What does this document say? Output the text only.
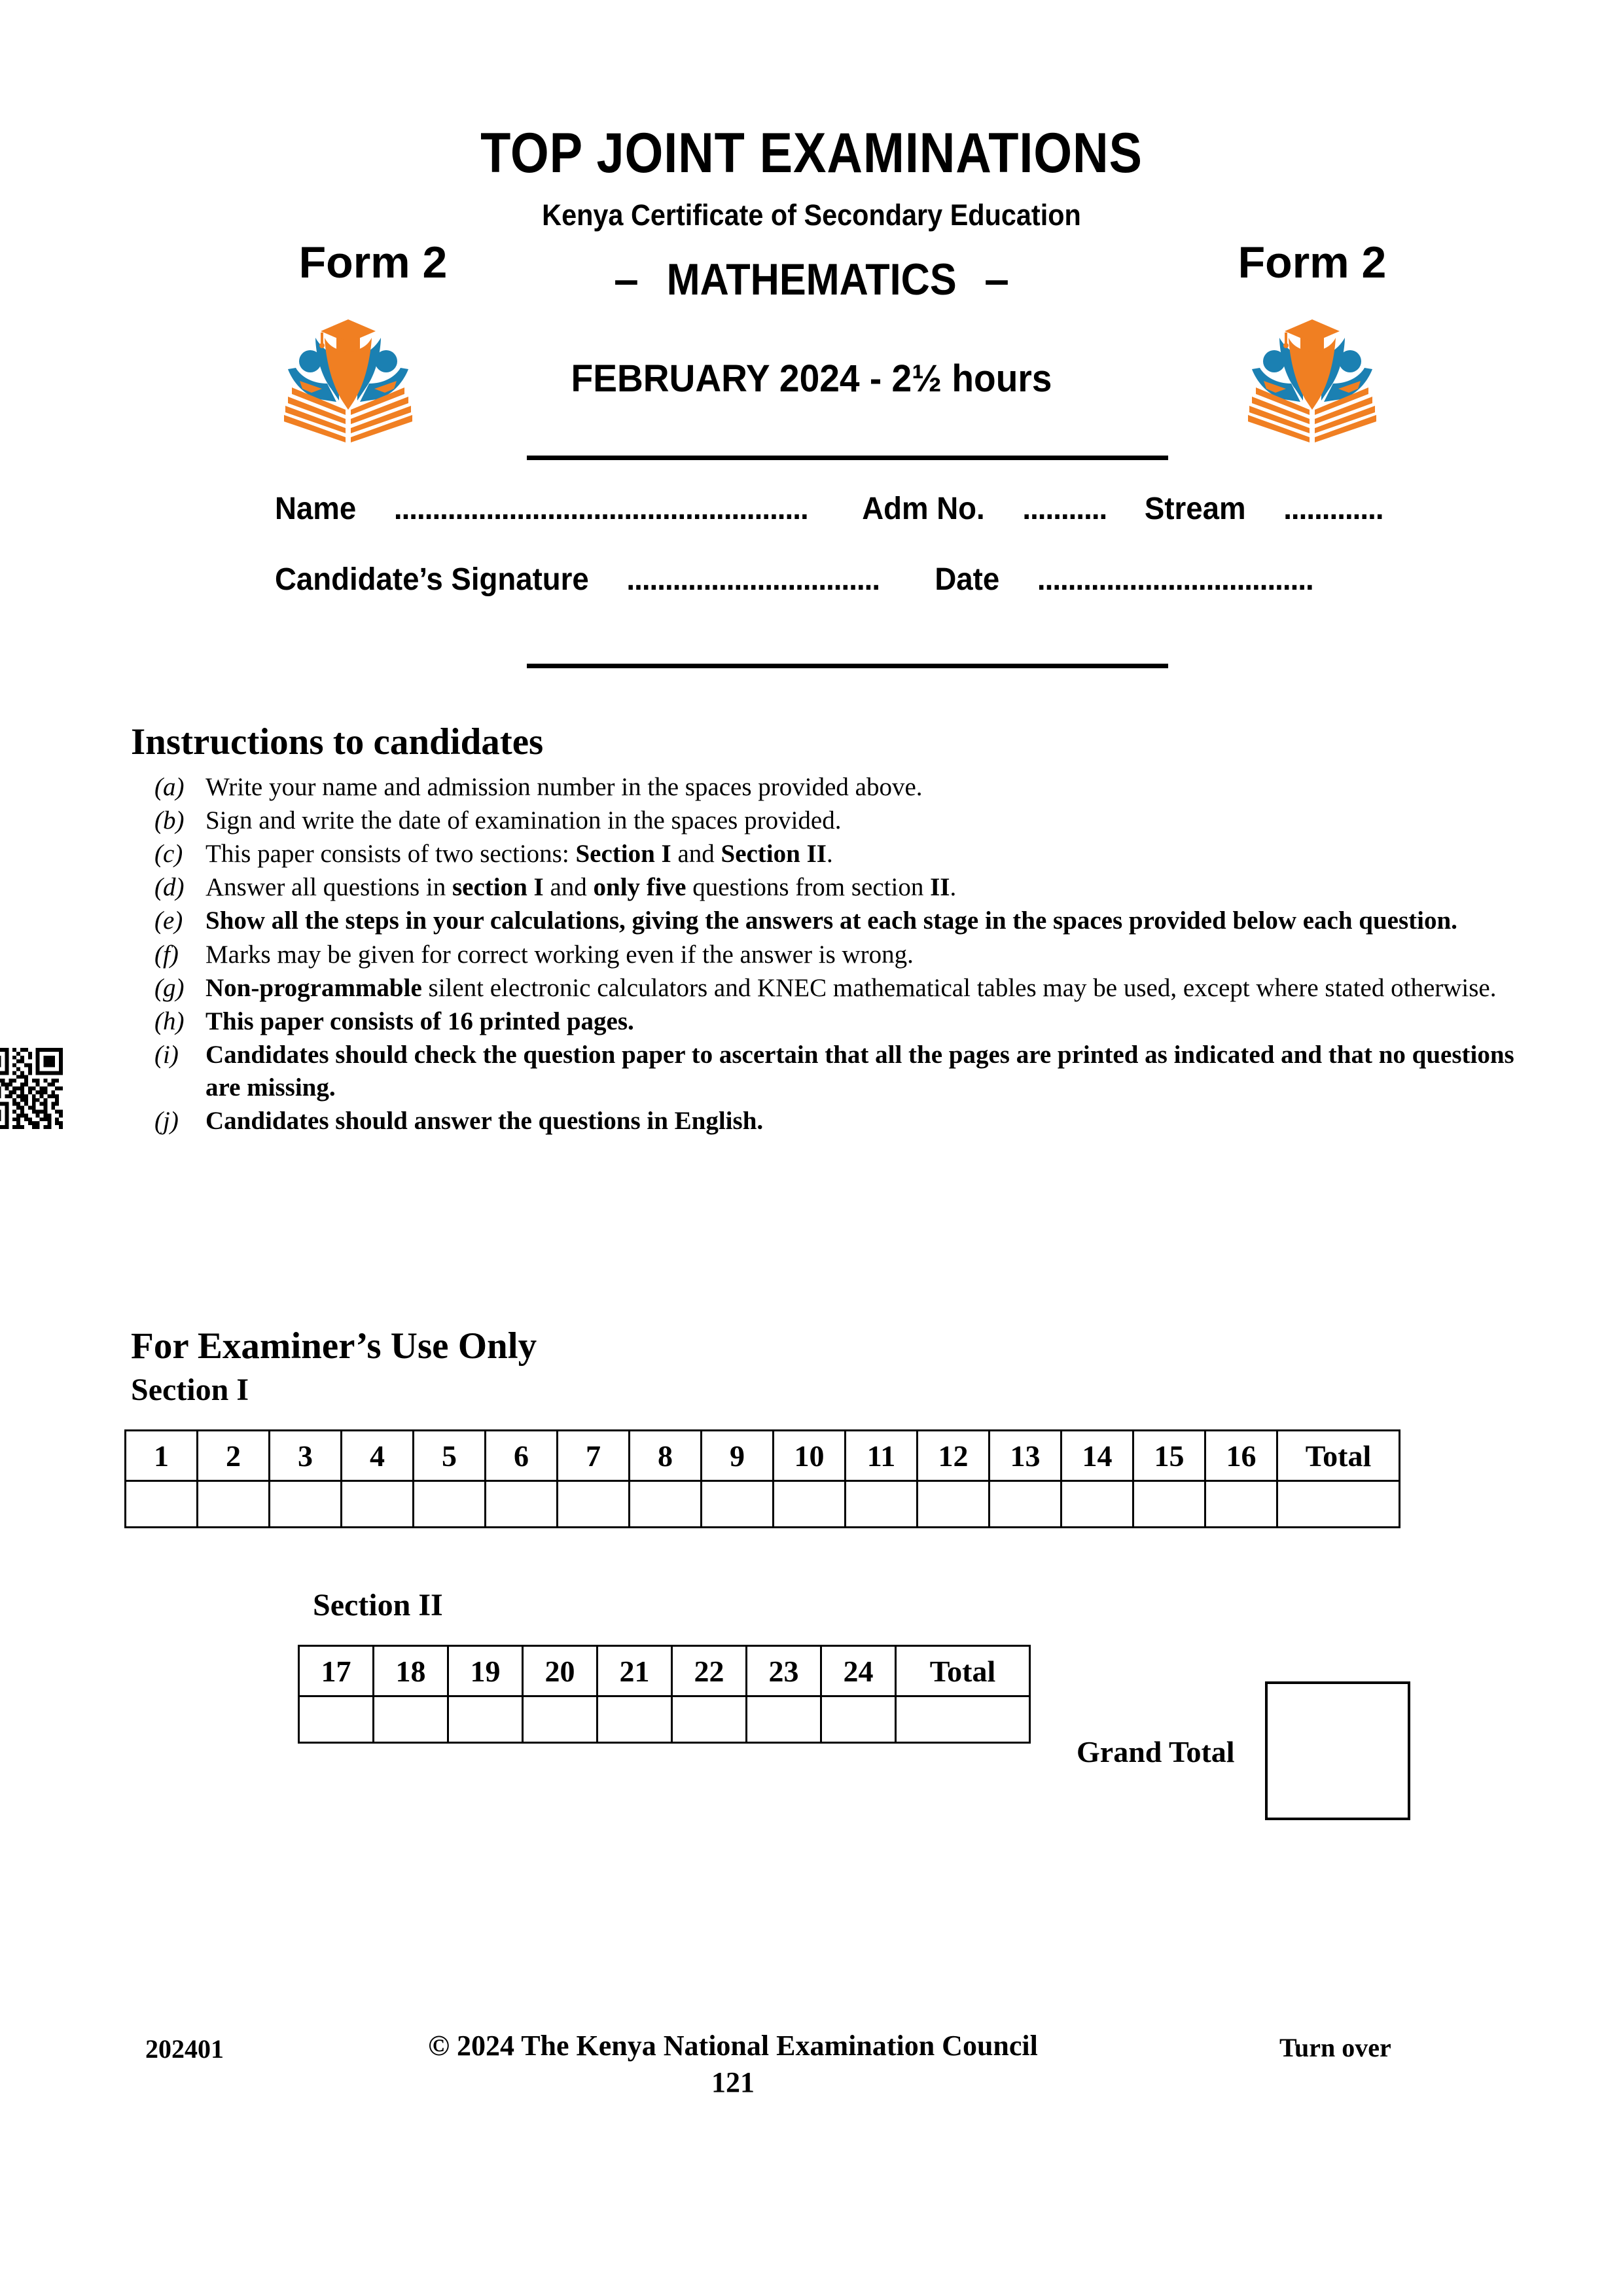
TOP JOINT EXAMINATIONS
Kenya Certificate of Secondary Education
Form 2	Form 2
– MATHEMATICS –
FEBRUARY 2024 - 2½ hours
Name ...................................................... Adm No. ........... Stream .............
Candidate’s Signature ................................. Date ....................................
Instructions to candidates
(a) Write your name and admission number in the spaces provided above.
(b) Sign and write the date of examination in the spaces provided.
(c) This paper consists of two sections: Section I and Section II.
(d) Answer all questions in section I and only five questions from section II.
(e) Show all the steps in your calculations, giving the answers at each stage in the spaces provided below each question.
(f)	Marks may be given for correct working even if the answer is wrong.
(g) Non-programmable silent electronic calculators and KNEC mathematical tables may be used, except where stated otherwise.
(h) This paper consists of 16 printed pages.
(i)	Candidates should check the question paper to ascertain that all the pages are printed as indicated and that no questions are missing.
(j)	Candidates should answer the questions in English.
For Examiner’s Use Only
Section I
1	2	3	4	5	6	7	8	9	10	11	12	13	14	15	16	Total

Section II
17	18	19	20	21	22	23	24	Total

Grand Total
202401	© 2024 The Kenya National Examination Council
121
Turn over
